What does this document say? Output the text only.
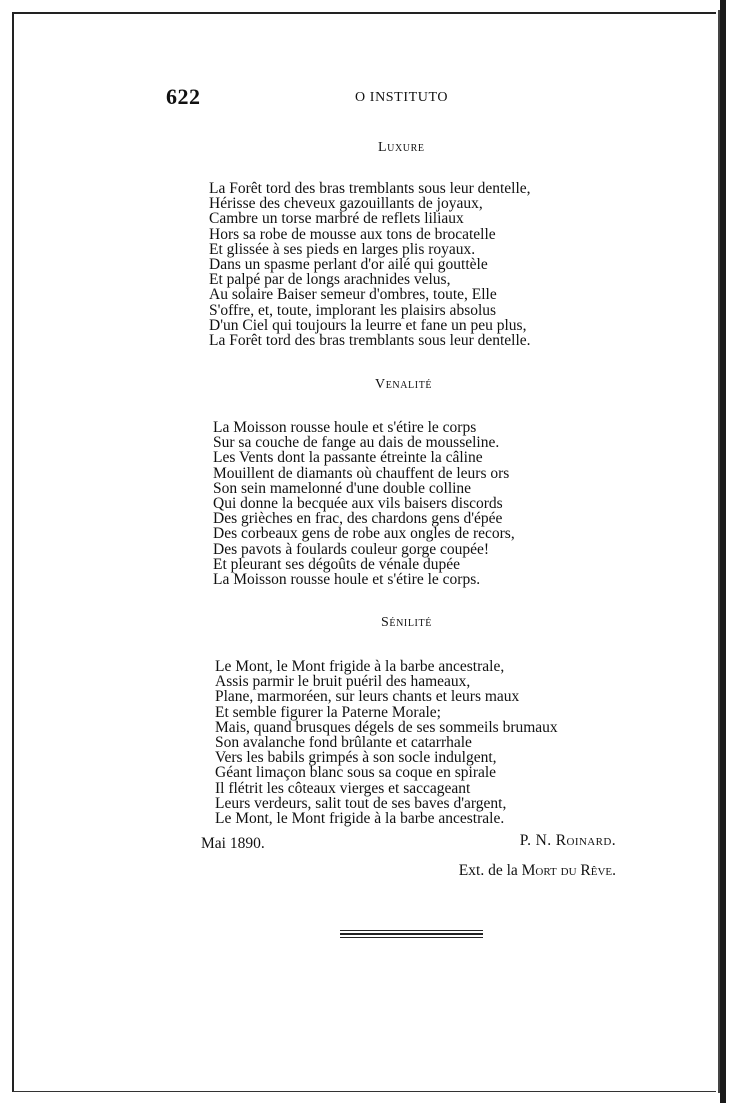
622	O INSTITUTO
Luxure
La Forêt tord des bras tremblants sous leur dentelle,
Hérisse des cheveux gazouillants de joyaux,
Cambre un torse marbré de reflets liliaux
Hors sa robe de mousse aux tons de brocatelle
Et glissée à ses pieds en larges plis royaux.
Dans un spasme perlant d'or ailé qui gouttèle
Et palpé par de longs arachnides velus,
Au solaire Baiser semeur d'ombres, toute, Elle
S'offre, et, toute, implorant les plaisirs absolus
D'un Ciel qui toujours la leurre et fane un peu plus,
La Forêt tord des bras tremblants sous leur dentelle.
Venalité
La Moisson rousse houle et s'étire le corps
Sur sa couche de fange au dais de mousseline.
Les Vents dont la passante étreinte la câline
Mouillent de diamants où chauffent de leurs ors
Son sein mamelonné d'une double colline
Qui donne la becquée aux vils baisers discords
Des grièches en frac, des chardons gens d'épée
Des corbeaux gens de robe aux ongles de recors,
Des pavots à foulards couleur gorge coupée!
Et pleurant ses dégoûts de vénale dupée
La Moisson rousse houle et s'étire le corps.
Sénilité
Le Mont, le Mont frigide à la barbe ancestrale,
Assis parmir le bruit puéril des hameaux,
Plane, marmoréen, sur leurs chants et leurs maux
Et semble figurer la Paterne Morale;
Mais, quand brusques dégels de ses sommeils brumaux
Son avalanche fond brûlante et catarrhale
Vers les babils grimpés à son socle indulgent,
Géant limaçon blanc sous sa coque en spirale
Il flétrit les côteaux vierges et saccageant
Leurs verdeurs, salit tout de ses baves d'argent,
Le Mont, le Mont frigide à la barbe ancestrale.
Mai 1890.	P. N. Roinard.
Ext. de la Mort du Rêve.
